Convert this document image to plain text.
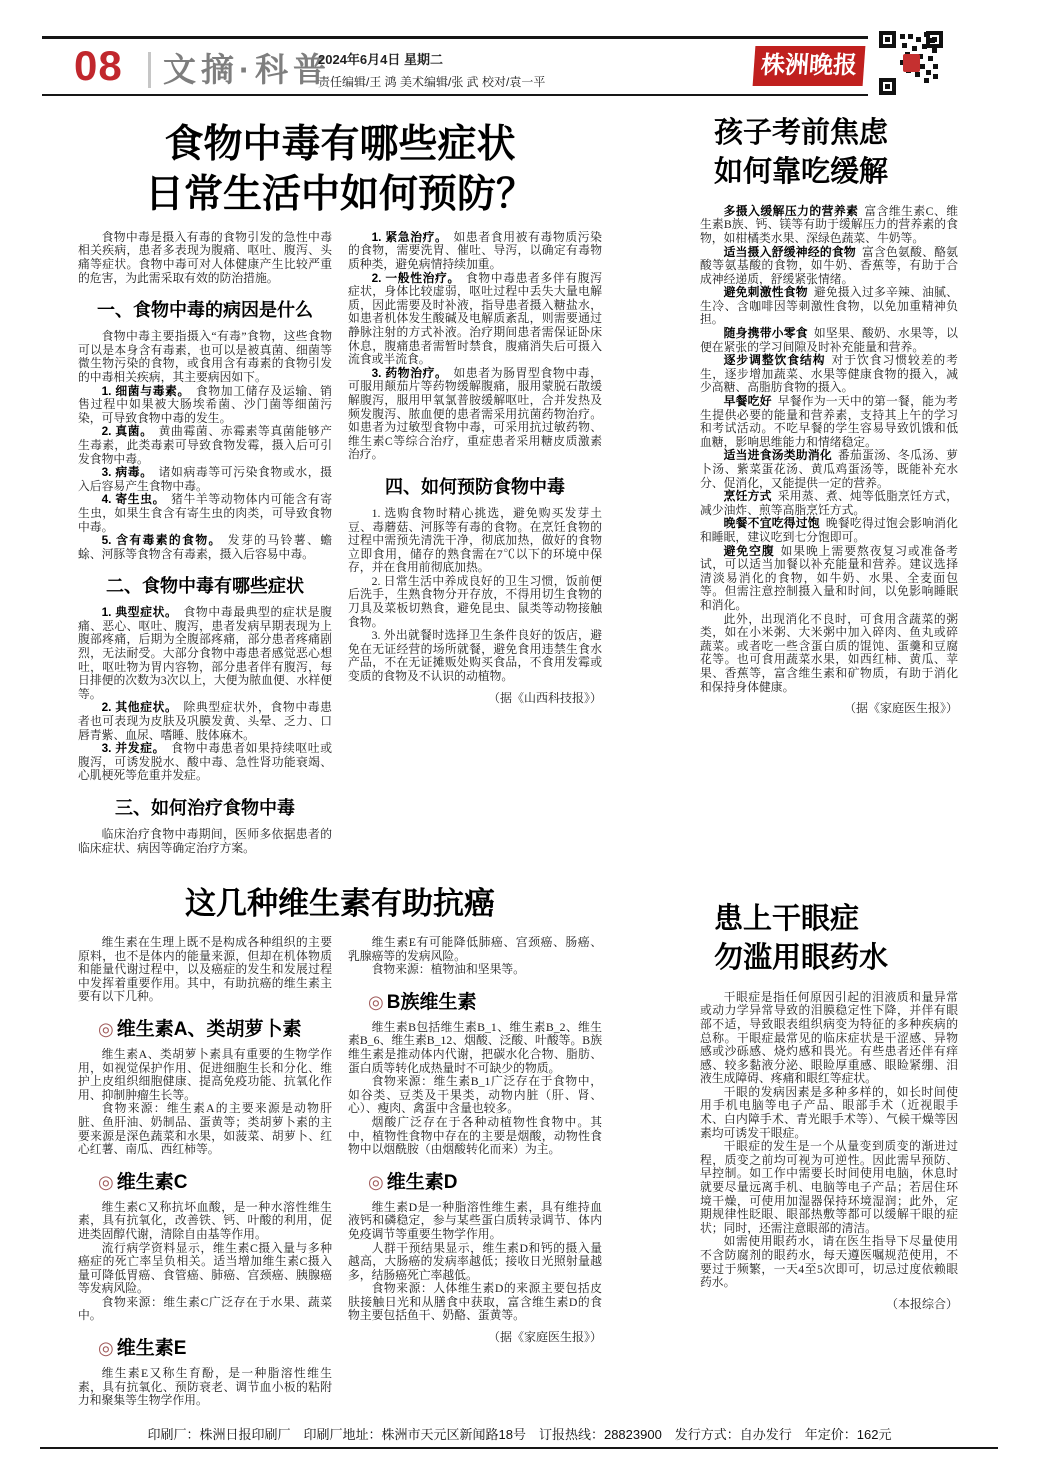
08 文摘·科普
2024年6月4日 星期二
责任编辑/王 鸿 美术编辑/张 武 校对/袁一平
株洲晚报
食物中毒有哪些症状
日常生活中如何预防？

食物中毒是摄入有毒的食物引发的急性中毒相关疾病，患者多表现为腹痛、呕吐、腹泻、头痛等症状。食物中毒可对人体健康产生比较严重的危害，为此需采取有效的防治措施。

一、食物中毒的病因是什么

食物中毒主要指摄入“有毒”食物，这些食物可以是本身含有毒素，也可以是被真菌、细菌等微生物污染的食物，或食用含有毒素的食物引发的中毒相关疾病，其主要病因如下。

1. 细菌与毒素。 食物加工储存及运输、销售过程中如果被大肠埃希菌、沙门菌等细菌污染，可导致食物中毒的发生。

2. 真菌。 黄曲霉菌、赤霉素等真菌能够产生毒素，此类毒素可导致食物发霉，摄入后可引发食物中毒。

3. 病毒。 诸如病毒等可污染食物或水，摄入后容易产生食物中毒。

4. 寄生虫。 猪牛羊等动物体内可能含有寄生虫，如果生食含有寄生虫的肉类，可导致食物中毒。

5. 含有毒素的食物。 发芽的马铃薯、蟾蜍、河豚等食物含有毒素，摄入后容易中毒。

二、食物中毒有哪些症状

1. 典型症状。 食物中毒最典型的症状是腹痛、恶心、呕吐、腹泻，患者发病早期表现为上腹部疼痛，后期为全腹部疼痛，部分患者疼痛剧烈，无法耐受。大部分食物中毒患者感觉恶心想吐，呕吐物为胃内容物，部分患者伴有腹泻，每日排便的次数为3次以上，大便为脓血便、水样便等。

2. 其他症状。 除典型症状外，食物中毒患者也可表现为皮肤及巩膜发黄、头晕、乏力、口唇青紫、血尿、嗜睡、肢体麻木。

3. 并发症。 食物中毒患者如果持续呕吐或腹泻，可诱发脱水、酸中毒、急性肾功能衰竭、心肌梗死等危重并发症。

三、如何治疗食物中毒

临床治疗食物中毒期间，医师多依据患者的临床症状、病因等确定治疗方案。

1. 紧急治疗。 如患者食用被有毒物质污染的食物，需要洗胃、催吐、导泻，以确定有毒物质种类，避免病情持续加重。

2. 一般性治疗。 食物中毒患者多伴有腹泻症状，身体比较虚弱，呕吐过程中丢失大量电解质，因此需要及时补液，指导患者摄入糖盐水，如患者机体发生酸碱及电解质紊乱，则需要通过静脉注射的方式补液。治疗期间患者需保证卧床休息，腹痛患者需暂时禁食，腹痛消失后可摄入流食或半流食。

3. 药物治疗。 如患者为肠胃型食物中毒，可服用颠茄片等药物缓解腹痛，服用蒙脱石散缓解腹泻，服用甲氧氯普胺缓解呕吐，合并发热及频发腹泻、脓血便的患者需采用抗菌药物治疗。如患者为过敏型食物中毒，可采用抗过敏药物、维生素C等综合治疗，重症患者采用糖皮质激素治疗。

四、如何预防食物中毒

1. 选购食物时精心挑选，避免购买发芽土豆、毒蘑菇、河豚等有毒的食物。在烹饪食物的过程中需预先清洗干净，彻底加热，做好的食物立即食用，储存的熟食需在7℃以下的环境中保存，并在食用前彻底加热。

2. 日常生活中养成良好的卫生习惯，饭前便后洗手，生熟食物分开存放，不得用切生食物的刀具及菜板切熟食，避免昆虫、鼠类等动物接触食物。

3. 外出就餐时选择卫生条件良好的饭店，避免在无证经营的场所就餐，避免食用违禁生食水产品，不在无证摊贩处购买食品，不食用发霉或变质的食物及不认识的动植物。

（据《山西科技报》）

孩子考前焦虑
如何靠吃缓解

多摄入缓解压力的营养素 富含维生素C、维生素B族、钙、镁等有助于缓解压力的营养素的食物，如柑橘类水果、深绿色蔬菜、牛奶等。

适当摄入舒缓神经的食物 富含色氨酸、酪氨酸等氨基酸的食物，如牛奶、香蕉等，有助于合成神经递质，舒缓紧张情绪。

避免刺激性食物 避免摄入过多辛辣、油腻、生冷、含咖啡因等刺激性食物，以免加重精神负担。

随身携带小零食 如坚果、酸奶、水果等，以便在紧张的学习间隙及时补充能量和营养。

逐步调整饮食结构 对于饮食习惯较差的考生，逐步增加蔬菜、水果等健康食物的摄入，减少高糖、高脂肪食物的摄入。

早餐吃好 早餐作为一天中的第一餐，能为考生提供必要的能量和营养素，支持其上午的学习和考试活动。不吃早餐的学生容易导致饥饿和低血糖，影响思维能力和情绪稳定。

适当进食汤类助消化 番茄蛋汤、冬瓜汤、萝卜汤、紫菜蛋花汤、黄瓜鸡蛋汤等，既能补充水分、促消化，又能提供一定的营养。

烹饪方式 采用蒸、煮、炖等低脂烹饪方式，减少油炸、煎等高脂烹饪方式。

晚餐不宜吃得过饱 晚餐吃得过饱会影响消化和睡眠，建议吃到七分饱即可。

避免空腹 如果晚上需要熬夜复习或准备考试，可以适当加餐以补充能量和营养。建议选择清淡易消化的食物，如牛奶、水果、全麦面包等。但需注意控制摄入量和时间，以免影响睡眠和消化。

此外，出现消化不良时，可食用含蔬菜的粥类，如在小米粥、大米粥中加入碎肉、鱼丸或碎蔬菜。或者吃一些含蛋白质的馄饨、蛋羹和豆腐花等。也可食用蔬菜水果，如西红柿、黄瓜、苹果、香蕉等，富含维生素和矿物质，有助于消化和保持身体健康。

（据《家庭医生报》）

这几种维生素有助抗癌

维生素在生理上既不是构成各种组织的主要原料，也不是体内的能量来源，但却在机体物质和能量代谢过程中，以及癌症的发生和发展过程中发挥着重要作用。其中，有助抗癌的维生素主要有以下几种。

◎ 维生素A、类胡萝卜素

维生素A、类胡萝卜素具有重要的生物学作用，如视觉保护作用、促进细胞生长和分化、维护上皮组织细胞健康、提高免疫功能、抗氧化作用、抑制肿瘤生长等。

食物来源：维生素A的主要来源是动物肝脏、鱼肝油、奶制品、蛋黄等；类胡萝卜素的主要来源是深色蔬菜和水果，如菠菜、胡萝卜、红心红薯、南瓜、西红柿等。

◎ 维生素C

维生素C又称抗坏血酸，是一种水溶性维生素，具有抗氧化，改善铁、钙、叶酸的利用，促进类固醇代谢，清除自由基等作用。

流行病学资料显示，维生素C摄入量与多种癌症的死亡率呈负相关。适当增加维生素C摄入量可降低胃癌、食管癌、肺癌、宫颈癌、胰腺癌等发病风险。

食物来源：维生素C广泛存在于水果、蔬菜中。

◎ 维生素E

维生素E又称生育酚，是一种脂溶性维生素，具有抗氧化、预防衰老、调节血小板的粘附力和聚集等生物学作用。

维生素E有可能降低肺癌、宫颈癌、肠癌、乳腺癌等的发病风险。

食物来源：植物油和坚果等。

◎ B族维生素

维生素B包括维生素B_1、维生素B_2、维生素B_6、维生素B_12、烟酸、泛酸、叶酸等。B族维生素是推动体内代谢，把碳水化合物、脂肪、蛋白质等转化成热量时不可缺少的物质。

食物来源：维生素B_1广泛存在于食物中，如谷类、豆类及干果类，动物内脏（肝、肾、心）、瘦肉、禽蛋中含量也较多。

烟酸广泛存在于各种动植物性食物中。其中，植物性食物中存在的主要是烟酸，动物性食物中以烟酰胺（由烟酸转化而来）为主。

◎ 维生素D

维生素D是一种脂溶性维生素，具有维持血液钙和磷稳定，参与某些蛋白质转录调节、体内免疫调节等重要生物学作用。

人群干预结果显示，维生素D和钙的摄入量越高，大肠癌的发病率越低；接收日光照射量越多，结肠癌死亡率越低。

食物来源：人体维生素D的来源主要包括皮肤接触日光和从膳食中获取，富含维生素D的食物主要包括鱼干、奶酪、蛋黄等。

（据《家庭医生报》）

患上干眼症
勿滥用眼药水

干眼症是指任何原因引起的泪液质和量异常或动力学异常导致的泪膜稳定性下降，并伴有眼部不适，导致眼表组织病变为特征的多种疾病的总称。干眼症最常见的临床症状是干涩感、异物感或沙砾感、烧灼感和畏光。有些患者还伴有痒感、较多黏液分泌、眼睑厚重感、眼睑紧绷、泪液生成障碍、疼痛和眼红等症状。

干眼的发病因素是多种多样的，如长时间使用手机电脑等电子产品、眼部手术（近视眼手术、白内障手术、青光眼手术等）、气候干燥等因素均可诱发干眼症。

干眼症的发生是一个从量变到质变的渐进过程，质变之前均可视为可逆性。因此需早预防、早控制。如工作中需要长时间使用电脑，休息时就要尽量远离手机、电脑等电子产品；若居住环境干燥，可使用加湿器保持环境湿润；此外，定期规律性眨眼、眼部热敷等都可以缓解干眼的症状；同时，还需注意眼部的清洁。

如需使用眼药水，请在医生指导下尽量使用不含防腐剂的眼药水，每天遵医嘱规范使用，不要过于频繁，一天4至5次即可，切忌过度依赖眼药水。

（本报综合）

印刷厂：株洲日报印刷厂　印刷厂地址：株洲市天元区新闻路18号　订报热线：28823900　发行方式：自办发行　年定价：162元
